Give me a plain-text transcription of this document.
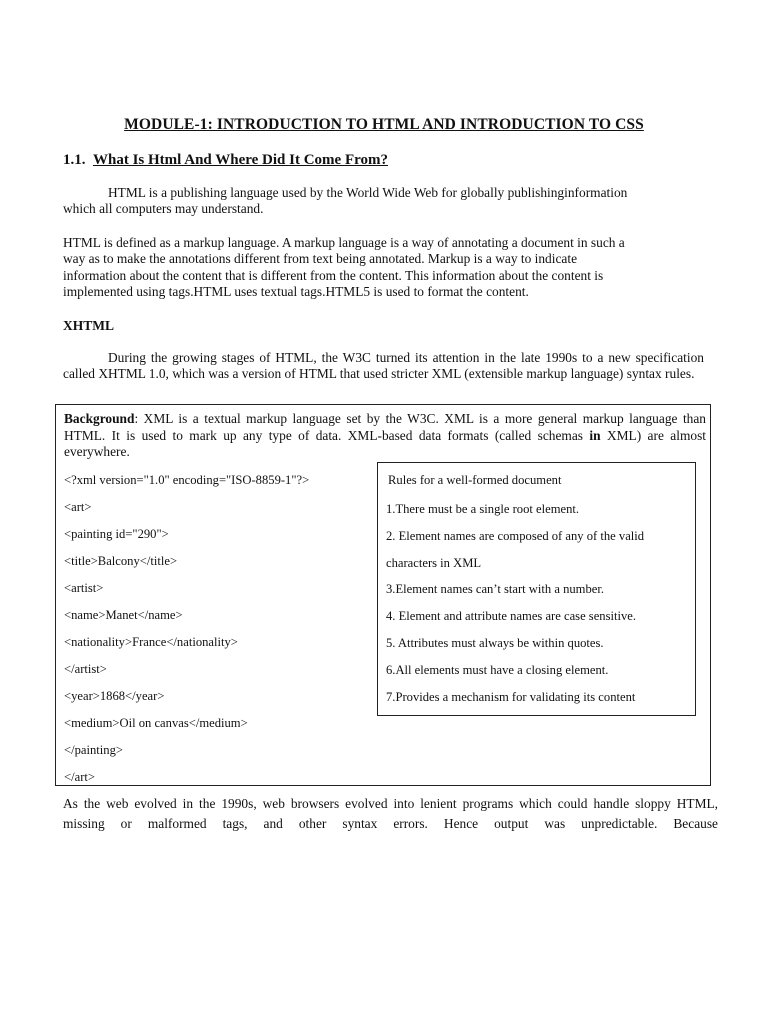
MODULE-1: INTRODUCTION TO HTML AND INTRODUCTION TO CSS
1.1. What Is Html And Where Did It Come From?
HTML is a publishing language used by the World Wide Web for globally publishinginformation
which all computers may understand.
HTML is defined as a markup language. A markup language is a way of annotating a document in such a
way as to make the annotations different from text being annotated. Markup is a way to indicate
information about the content that is different from the content. This information about the content is
implemented using tags.HTML uses textual tags.HTML5 is used to format the content.
XHTML
During the growing stages of HTML, the W3C turned its attention in the late 1990s to a new specification called XHTML 1.0, which was a version of HTML that used stricter XML (extensible markup language) syntax rules.
Background: XML is a textual markup language set by the W3C. XML is a more general markup language than HTML. It is used to mark up any type of data. XML-based data formats (called schemas in XML) are almost everywhere.
<?xml version="1.0" encoding="ISO-8859-1"?>
<art>
<painting id="290">
<title>Balcony</title>
<artist>
<name>Manet</name>
<nationality>France</nationality>
</artist>
<year>1868</year>
<medium>Oil on canvas</medium>
</painting>
</art>
Rules for a well-formed document
1.There must be a single root element.
2. Element names are composed of any of the valid
characters in XML
3.Element names can’t start with a number.
4. Element and attribute names are case sensitive.
5. Attributes must always be within quotes.
6.All elements must have a closing element.
7.Provides a mechanism for validating its content
As the web evolved in the 1990s, web browsers evolved into lenient programs which could handle sloppy HTML, missing or malformed tags, and other syntax errors. Hence output was unpredictable. Because
